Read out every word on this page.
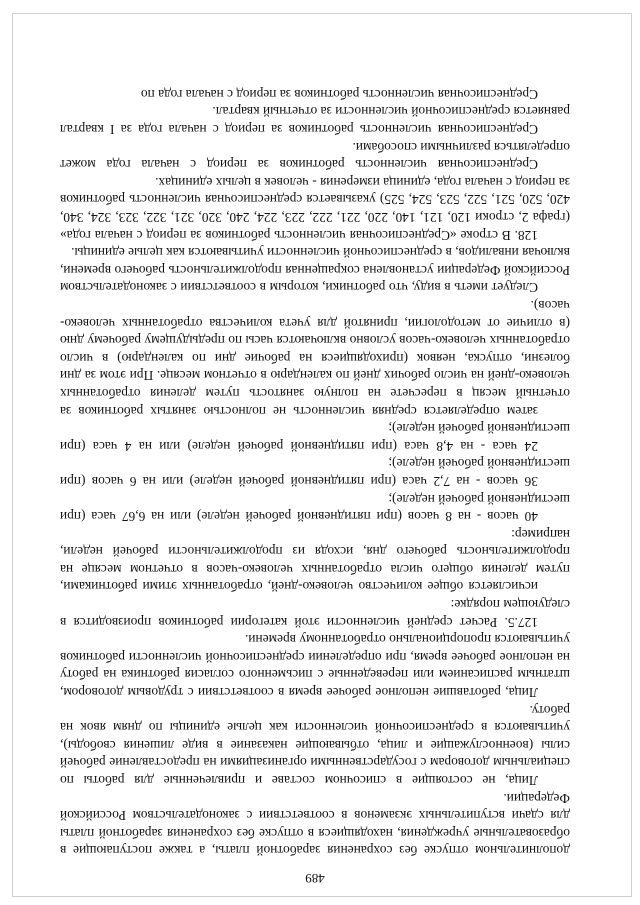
489

дополнительном отпуске без сохранения заработной платы, а также поступающие в образовательные учреждения, находящиеся в отпуске без сохранения заработной платы для сдачи вступительных экзаменов в соответствии с законодательством Российской Федерации.

Лица, не состоящие в списочном составе и привлеченные для работы по специальным договорам с государственными организациями на предоставление рабочей силы (военнослужащие и лица, отбывающие наказание в виде лишения свободы), учитываются в среднесписочной численности как целые единицы по дням явок на работу.

Лица, работавшие неполное рабочее время в соответствии с трудовым договором, штатным расписанием или переведенные с письменного согласия работника на работу на неполное рабочее время, при определении среднесписочной численности работников учитываются пропорционально отработанному времени.

127.5. Расчет средней численности этой категории работников производится в следующем порядке:

исчисляется общее количество человеко-дней, отработанных этими работниками, путем деления общего числа отработанных человеко-часов в отчетном месяце на продолжительность рабочего дня, исходя из продолжительности рабочей недели, например:

40 часов - на 8 часов (при пятидневной рабочей неделе) или на 6,67 часа (при шестидневной рабочей неделе);

36 часов - на 7,2 часа (при пятидневной рабочей неделе) или на 6 часов (при шестидневной рабочей неделе);

24 часа - на 4,8 часа (при пятидневной рабочей неделе) или на 4 часа (при шестидневной рабочей неделе);

затем определяется средняя численность не полностью занятых работников за отчетный месяц в пересчете на полную занятость путем деления отработанных человеко-дней на число рабочих дней по календарю в отчетном месяце. При этом за дни болезни, отпуска, неявок (приходящиеся на рабочие дни по календарю) в число отработанных человеко-часов условно включаются часы по предыдущему рабочему дню (в отличие от методологии, принятой для учета количества отработанных человеко-часов).

Следует иметь в виду, что работники, которым в соответствии с законодательством Российской Федерации установлена сокращенная продолжительность рабочего времени, включая инвалидов, в среднесписочной численности учитываются как целые единицы.

128. В строке «Среднесписочная численность работников за период с начала года» (графа 2, строки 120, 121, 140, 220, 221, 222, 223, 224, 240, 320, 321, 322, 323, 324, 340, 420, 520, 521, 522, 523, 524, 525) указывается среднесписочная численность работников за период с начала года, единица измерения - человек в целых единицах.

Среднесписочная численность работников за период с начала года может определяться различными способами.

Среднесписочная численность работников за период с начала года за I квартал равняется среднесписочной численности за отчетный квартал.

Среднесписочная численность работников за период с начала года по
